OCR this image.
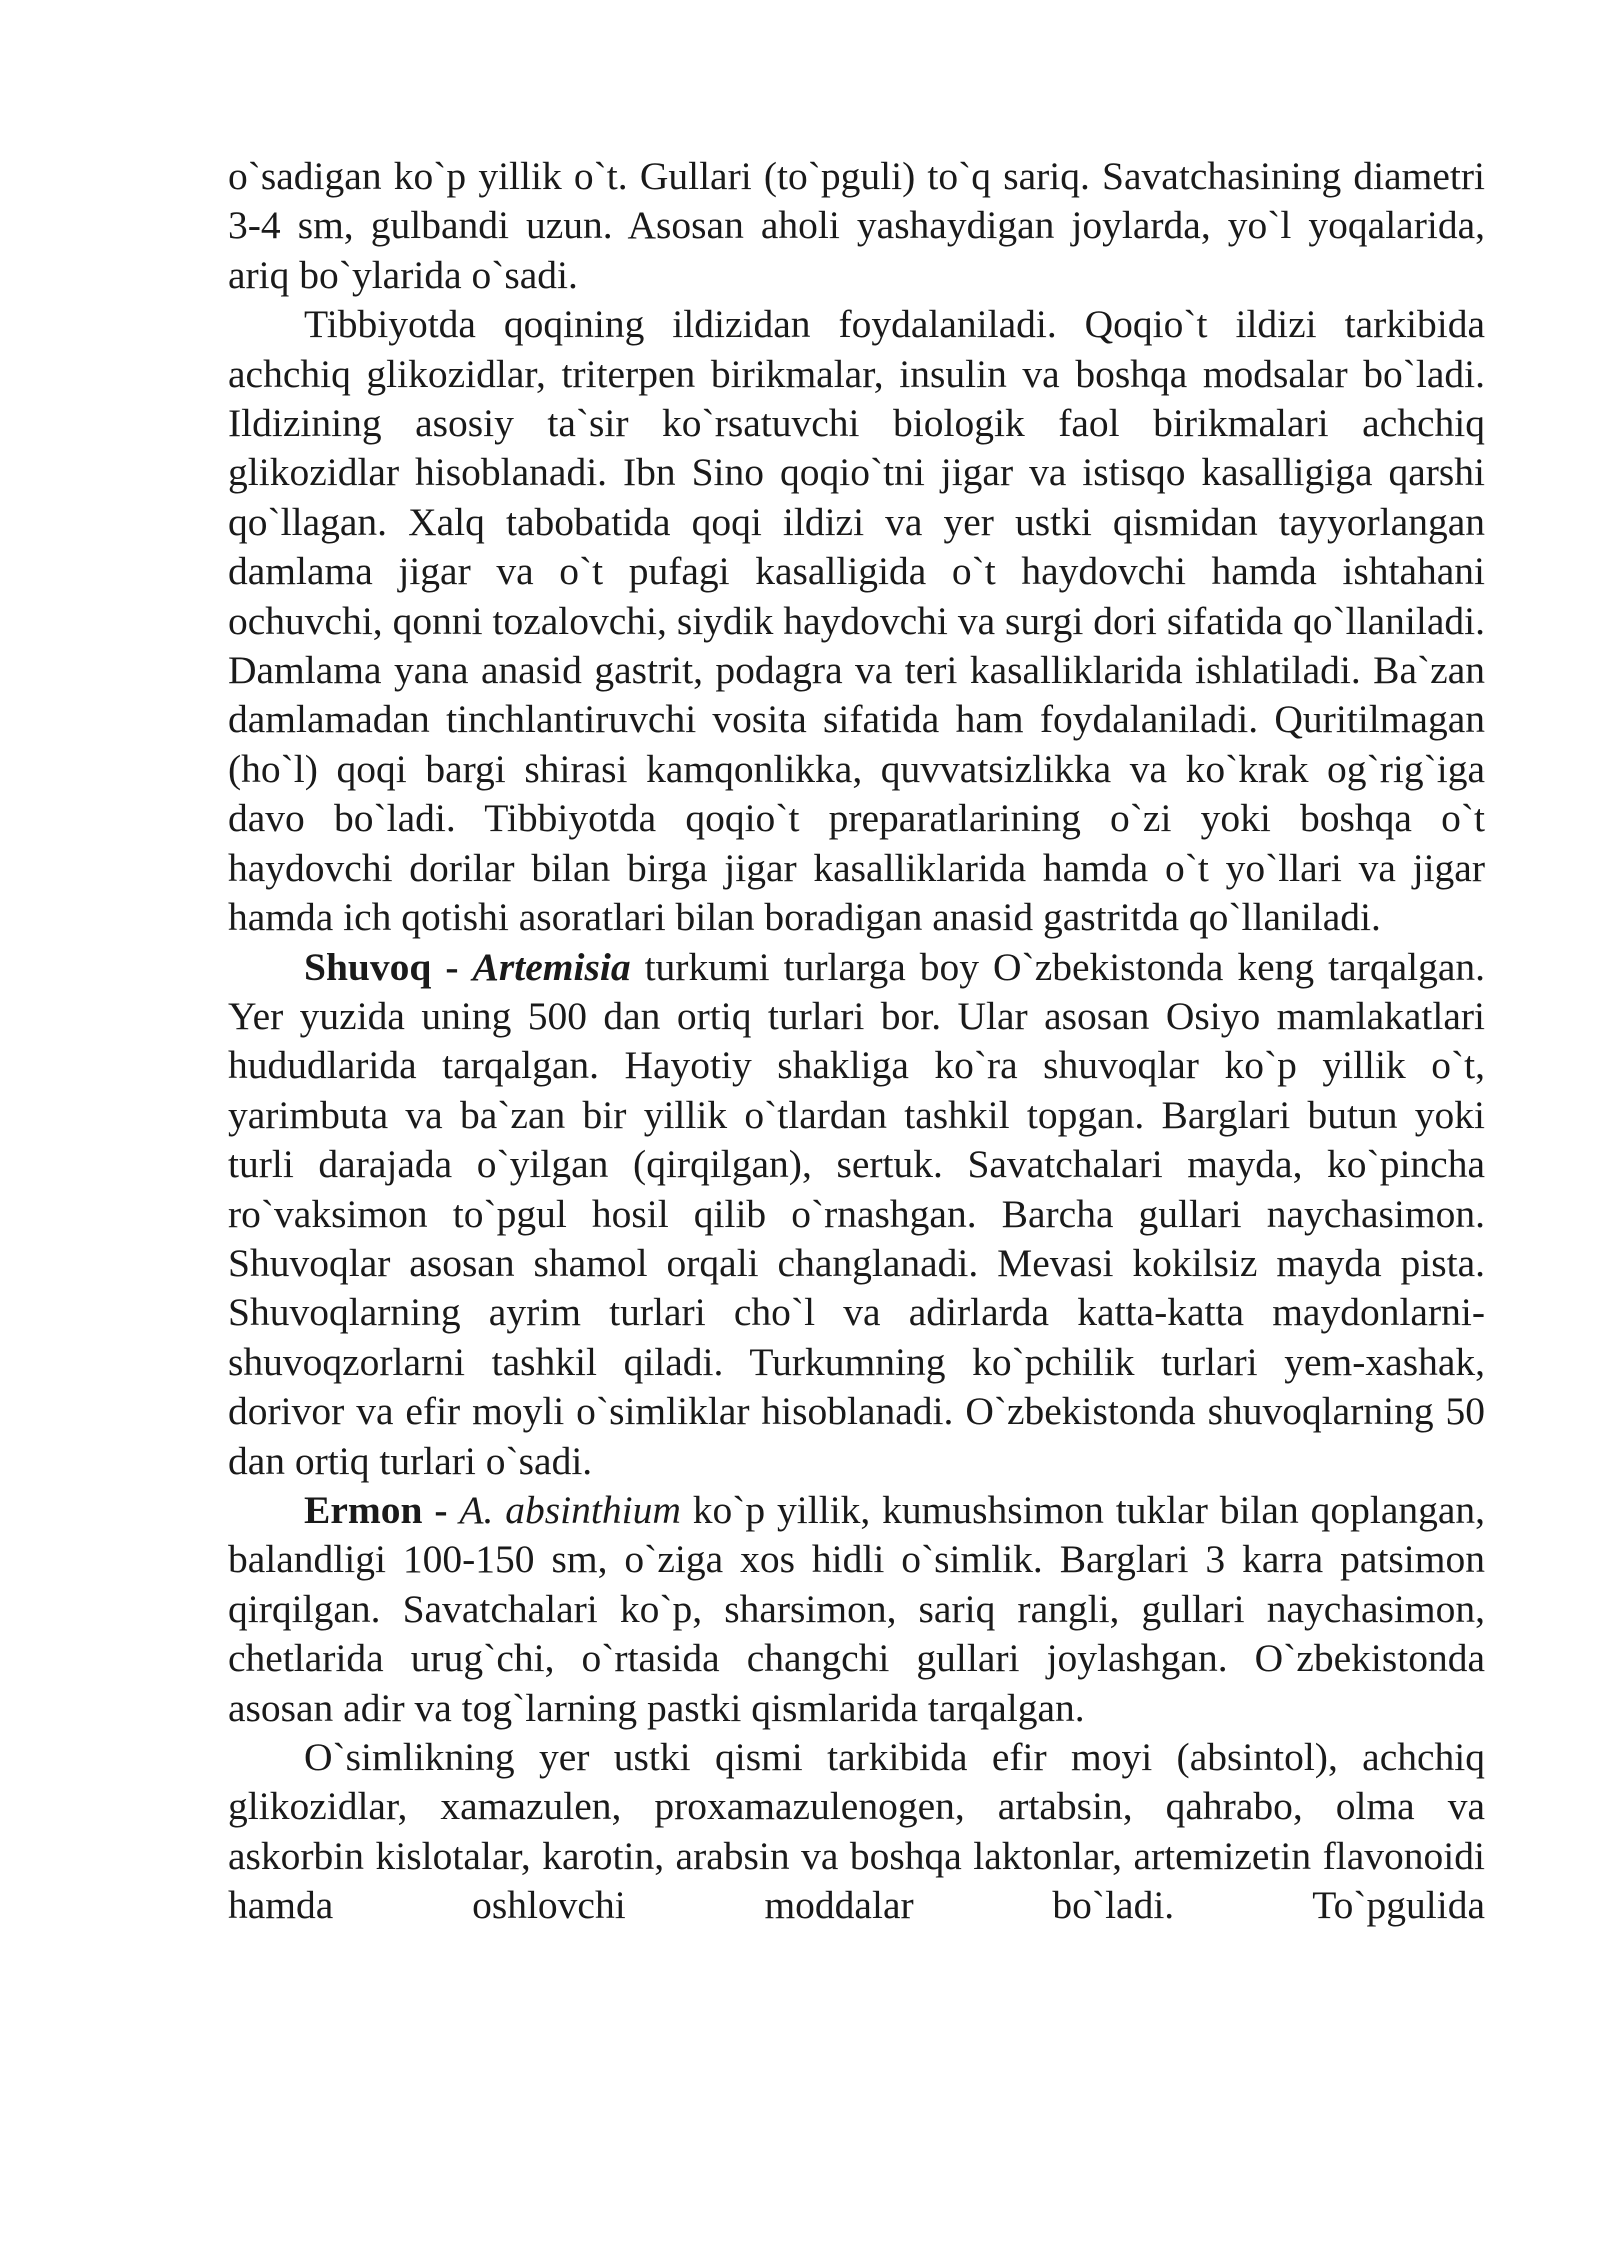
o`sadigan ko`p yillik o`t. Gullari (to`pguli) to`q sariq. Savatchasining diametri 3-4 sm, gulbandi uzun. Asosan aholi yashaydigan joylarda, yo`l yoqalarida, ariq bo`ylarida o`sadi.

Tibbiyotda qoqining ildizidan foydalaniladi. Qoqio`t ildizi tarkibida achchiq glikozidlar, triterpen birikmalar, insulin va boshqa modsalar bo`ladi. Ildizining asosiy ta`sir ko`rsatuvchi biologik faol birikmalari achchiq glikozidlar hisoblanadi. Ibn Sino qoqio`tni jigar va istisqo kasalligiga qarshi qo`llagan. Xalq tabobatida qoqi ildizi va yer ustki qismidan tayyorlangan damlama jigar va o`t pufagi kasalligida o`t haydovchi hamda ishtahani ochuvchi, qonni tozalovchi, siydik haydovchi va surgi dori sifatida qo`llaniladi. Damlama yana anasid gastrit, podagra va teri kasalliklarida ishlatiladi. Ba`zan damlamadan tinchlantiruvchi vosita sifatida ham foydalaniladi. Quritilmagan (ho`l) qoqi bargi shirasi kamqonlikka, quvvatsizlikka va ko`krak og`rig`iga davo bo`ladi. Tibbiyotda qoqio`t preparatlarining o`zi yoki boshqa o`t haydovchi dorilar bilan birga jigar kasalliklarida hamda o`t yo`llari va jigar hamda ich qotishi asoratlari bilan boradigan anasid gastritda qo`llaniladi.

Shuvoq - Artemisia turkumi turlarga boy O`zbekistonda keng tarqalgan. Yer yuzida uning 500 dan ortiq turlari bor. Ular asosan Osiyo mamlakatlari hududlarida tarqalgan. Hayotiy shakliga ko`ra shuvoqlar ko`p yillik o`t, yarimbuta va ba`zan bir yillik o`tlardan tashkil topgan. Barglari butun yoki turli darajada o`yilgan (qirqilgan), sertuk. Savatchalari mayda, ko`pincha ro`vaksimon to`pgul hosil qilib o`rnashgan. Barcha gullari naychasimon. Shuvoqlar asosan shamol orqali changlanadi. Mevasi kokilsiz mayda pista. Shuvoqlarning ayrim turlari cho`l va adirlarda katta-katta maydonlarni-shuvoqzorlarni tashkil qiladi. Turkumning ko`pchilik turlari yem-xashak, dorivor va efir moyli o`simliklar hisoblanadi. O`zbekistonda shuvoqlarning 50 dan ortiq turlari o`sadi.

Ermon - A. absinthium ko`p yillik, kumushsimon tuklar bilan qoplangan, balandligi 100-150 sm, o`ziga xos hidli o`simlik. Barglari 3 karra patsimon qirqilgan. Savatchalari ko`p, sharsimon, sariq rangli, gullari naychasimon, chetlarida urug`chi, o`rtasida changchi gullari joylashgan. O`zbekistonda asosan adir va tog`larning pastki qismlarida tarqalgan.

O`simlikning yer ustki qismi tarkibida efir moyi (absintol), achchiq glikozidlar, xamazulen, proxamazulenogen, artabsin, qahrabo, olma va askorbin kislotalar, karotin, arabsin va boshqa laktonlar, artemizetin flavonoidi hamda oshlovchi moddalar bo`ladi. To`pgulida
